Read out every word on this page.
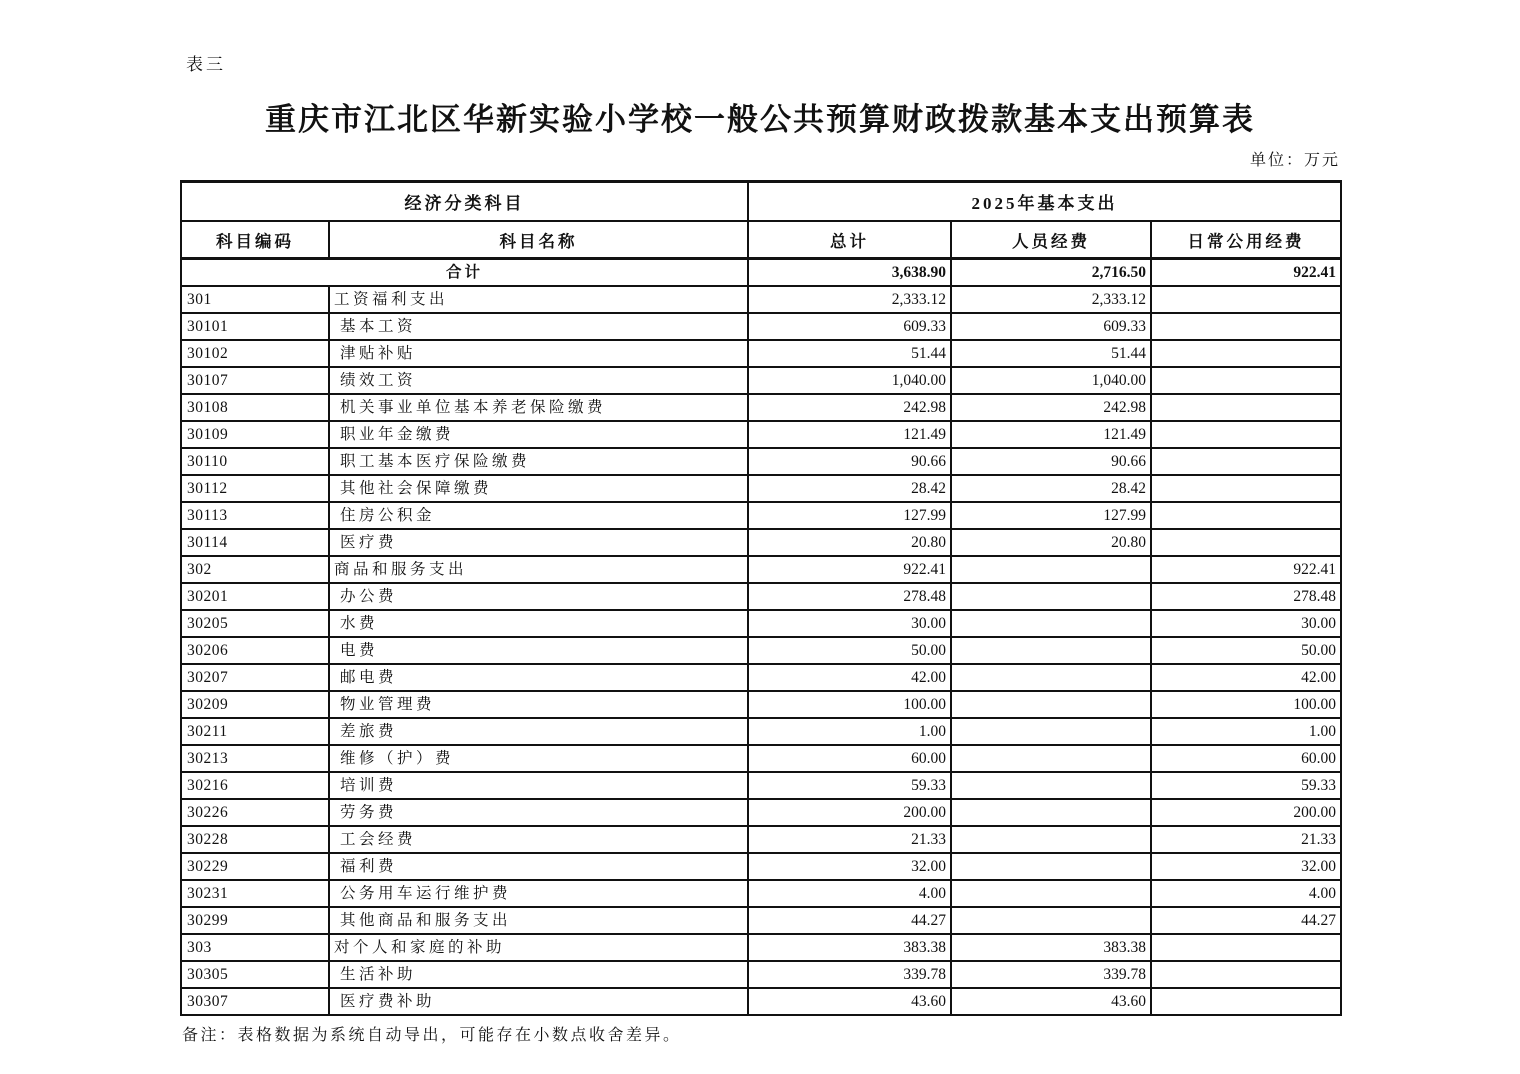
表三
重庆市江北区华新实验小学校一般公共预算财政拨款基本支出预算表
单位：万元
经济分类科目		2025年基本支出		
科目编码	科目名称	总计	人员经费	日常公用经费
合计		3,638.90	2,716.50	922.41
301	工资福利支出	2,333.12	2,333.12	
30101	基本工资	609.33	609.33	
30102	津贴补贴	51.44	51.44	
30107	绩效工资	1,040.00	1,040.00	
30108	机关事业单位基本养老保险缴费	242.98	242.98	
30109	职业年金缴费	121.49	121.49	
30110	职工基本医疗保险缴费	90.66	90.66	
30112	其他社会保障缴费	28.42	28.42	
30113	住房公积金	127.99	127.99	
30114	医疗费	20.80	20.80	
302	商品和服务支出	922.41		922.41
30201	办公费	278.48		278.48
30205	水费	30.00		30.00
30206	电费	50.00		50.00
30207	邮电费	42.00		42.00
30209	物业管理费	100.00		100.00
30211	差旅费	1.00		1.00
30213	维修（护）费	60.00		60.00
30216	培训费	59.33		59.33
30226	劳务费	200.00		200.00
30228	工会经费	21.33		21.33
30229	福利费	32.00		32.00
30231	公务用车运行维护费	4.00		4.00
30299	其他商品和服务支出	44.27		44.27
303	对个人和家庭的补助	383.38	383.38	
30305	生活补助	339.78	339.78	
30307	医疗费补助	43.60	43.60	
备注：表格数据为系统自动导出，可能存在小数点收舍差异。
